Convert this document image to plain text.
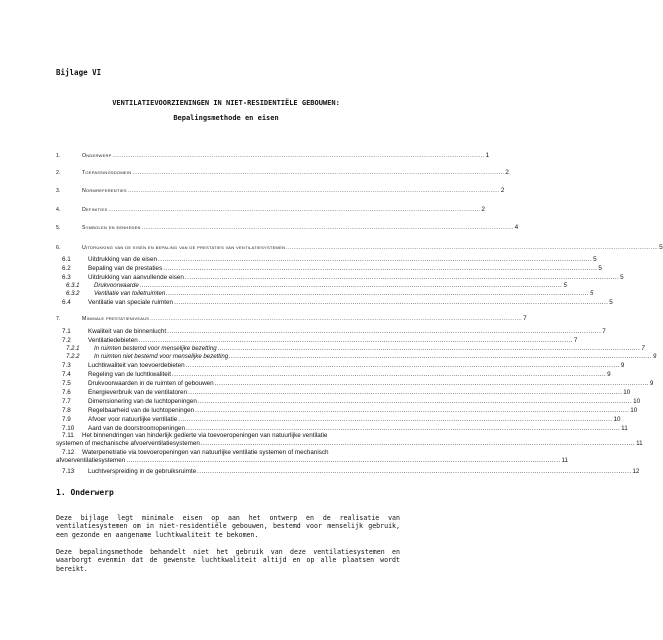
Bijlage VI
VENTILATIEVOORZIENINGEN IN NIET-RESIDENTIËLE GEBOUWEN:
Bepalingsmethode en eisen
1.	Onderwerp .......................................................................................................................................................................................................... 1
2.	Toepassingsdomein .......................................................................................................................................................................................................... 2
3.	Normreferenties .......................................................................................................................................................................................................... 2
4.	Definities .......................................................................................................................................................................................................... 2
5.	Symbolen en eenheden .......................................................................................................................................................................................................... 4
6.	Uitdrukking van de eisen en bepaling van de prestaties van ventilatiesystemen .......................................................................................................................................................................................................... 5
6.1	Uitdrukking van de eisen .......................................................................................................................................................................................................... 5
6.2	Bepaling van de prestaties .......................................................................................................................................................................................................... 5
6.3	Uitdrukking van aanvullende eisen .......................................................................................................................................................................................................... 5
6.3.1	Drukvoorwaarde .......................................................................................................................................................................................................... 5
6.3.2	Ventilatie van toiletruimten .......................................................................................................................................................................................................... 5
6.4	Ventilatie van speciale ruimten .......................................................................................................................................................................................................... 5
7.	Minimale prestatieniveaus .......................................................................................................................................................................................................... 7
7.1	Kwaliteit van de binnenlucht .......................................................................................................................................................................................................... 7
7.2	Ventilatiedebieten .......................................................................................................................................................................................................... 7
7.2.1	In ruimten bestemd voor menselijke bezetting .......................................................................................................................................................................................................... 7
7.2.2	In ruimten niet bestemd voor menselijke bezetting .......................................................................................................................................................................................................... 9
7.3	Luchtkwaliteit van toevoerdebieten .......................................................................................................................................................................................................... 9
7.4	Regeling van de luchtkwaliteit .......................................................................................................................................................................................................... 9
7.5	Drukvoorwaarden in de ruimten of gebouwen .......................................................................................................................................................................................................... 9
7.6	Energieverbruik van de ventilatoren .......................................................................................................................................................................................................... 10
7.7	Dimensionering van de luchtopeningen .......................................................................................................................................................................................................... 10
7.8	Regelbaarheid van de luchtopeningen .......................................................................................................................................................................................................... 10
7.9	Afvoer voor natuurlijke ventilatie .......................................................................................................................................................................................................... 10
7.10	Aard van de doorstroomopeningen .......................................................................................................................................................................................................... 11
7.11	Het binnendringen van hinderlijk gedierte via toevoeropeningen van natuurlijke ventilatie
systemen of mechanische afvoerventilatiesystemen .......................................................................................................................................................................................................... 11
7.12	Waterpenetratie via toevoeropeningen van natuurlijke ventilatie systemen of mechanisch
afvoerventilatiesystemen .......................................................................................................................................................................................................... 11
7.13	Luchtverspreiding in de gebruiksruimte .......................................................................................................................................................................................................... 12
1. Onderwerp
Deze bijlage legt minimale eisen op aan het ontwerp en de realisatie van ventilatiesystemen om in niet-residentiële gebouwen, bestemd voor menselijk gebruik, een gezonde en aangename luchtkwaliteit te bekomen.
Deze bepalingsmethode behandelt niet het gebruik van deze ventilatiesystemen en waarborgt evenmin dat de gewenste luchtkwaliteit altijd en op alle plaatsen wordt bereikt.
